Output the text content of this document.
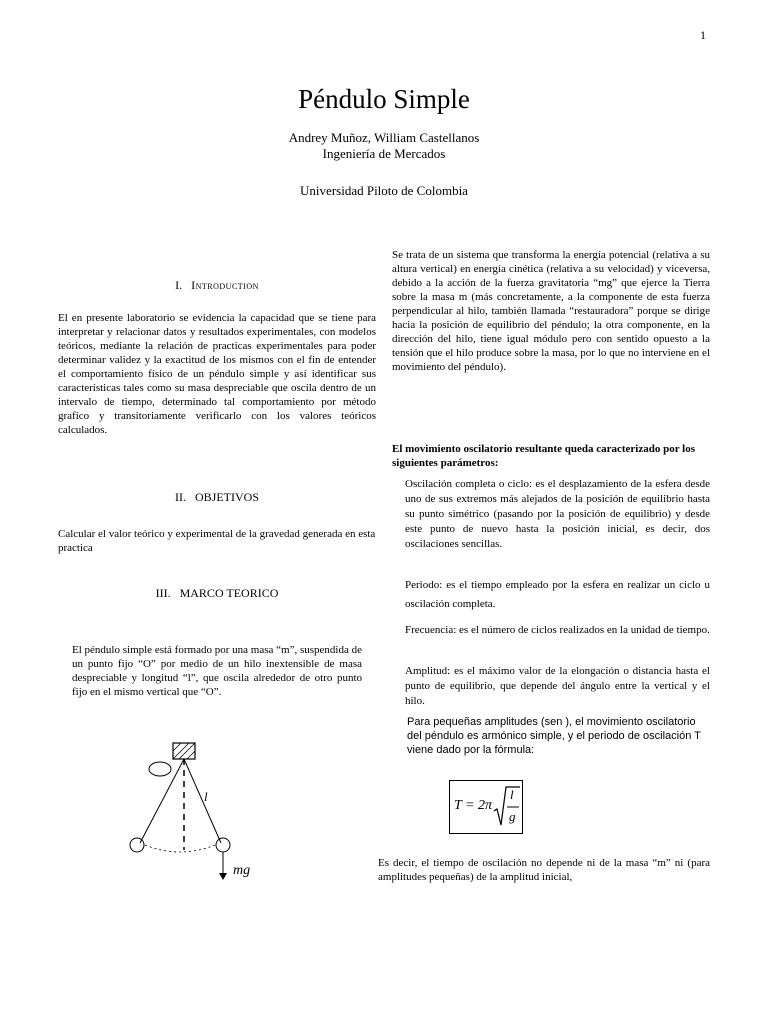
1
Péndulo Simple
Andrey Muñoz, William Castellanos
Ingeniería de Mercados
Universidad Piloto de Colombia
I. Introduction

El en presente laboratorio se evidencia la capacidad que se tiene para interpretar y relacionar datos y resultados experimentales, con modelos teóricos, mediante la relación de practicas experimentales para poder determinar validez y la exactitud de los mismos con el fin de entender el comportamiento físico de un péndulo simple y así identificar sus características tales como su masa despreciable que oscila dentro de un intervalo de tiempo, determinado tal comportamiento por método grafico y transitoriamente verificarlo con los valores teóricos calculados.

II. OBJETIVOS

Calcular el valor teórico y experimental de la gravedad generada en esta practica

III. MARCO TEORICO

El péndulo simple está formado por una masa “m”, suspendida de un punto fijo “O” por medio de un hilo inextensible de masa despreciable y longitud “l”, que oscila alrededor de otro punto fijo en el mismo vertical que “O”.

l
mg

Se trata de un sistema que transforma la energía potencial (relativa a su altura vertical) en energía cinética (relativa a su velocidad) y viceversa, debido a la acción de la fuerza gravitatoria “mg” que ejerce la Tierra sobre la masa m (más concretamente, a la componente de esta fuerza perpendicular al hilo, también llamada “restauradora” porque se dirige hacia la posición de equilibrio del péndulo; la otra componente, en la dirección del hilo, tiene igual módulo pero con sentido opuesto a la tensión que el hilo produce sobre la masa, por lo que no interviene en el movimiento del péndulo).

El movimiento oscilatorio resultante queda caracterizado por los siguientes parámetros:

Oscilación completa o ciclo: es el desplazamiento de la esfera desde uno de sus extremos más alejados de la posición de equilibrio hasta su punto simétrico (pasando por la posición de equilibrio) y desde este punto de nuevo hasta la posición inicial, es decir, dos oscilaciones sencillas.

Periodo: es el tiempo empleado por la esfera en realizar un ciclo u oscilación completa.

Frecuencia: es el número de ciclos realizados en la unidad de tiempo.

Amplitud: es el máximo valor de la elongación o distancia hasta el punto de equilibrio, que depende del ángulo entre la vertical y el hilo.

Para pequeñas amplitudes (sen ), el movimiento oscilatorio del péndulo es armónico simple, y el periodo de oscilación T viene dado por la fórmula:

T = 2π
l
g

Es decir, el tiempo de oscilación no depende ni de la masa “m” ni (para amplitudes pequeñas) de la amplitud inicial,
